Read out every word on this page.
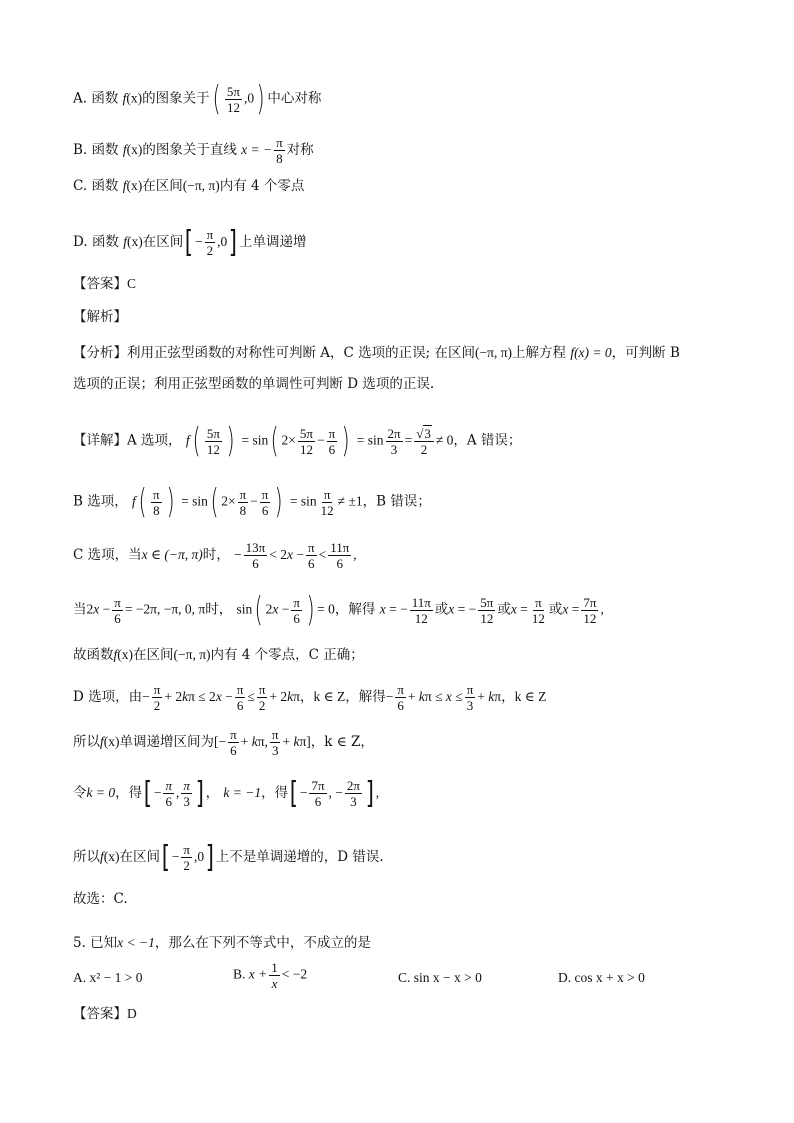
A. 函数 f(x)的图象关于( $\frac{5\pi}{12} ,0$) 中心对称
B. 函数 f(x)的图象关于直线 x = − $\frac{\pi}{8}$ 对称
C. 函数 f(x)在区间(−π, π)内有 4 个零点
D. 函数 f(x)在区间[ − $\frac{\pi}{2} ,0$] 上单调递增
【答案】C
【解析】
【分析】利用正弦型函数的对称性可判断 A，C 选项的正误; 在区间(−π, π)上解方程 f(x) = 0，可判断 B
选项的正误；利用正弦型函数的单调性可判断 D 选项的正误.
【详解】A 选项， $f( \frac{5\pi}{12}$ ) = sin( $2\times \frac{5\pi}{12} - \frac{\pi}{6}$ ) = $\sin \frac{2\pi}{3} = \frac{√3}{2} \ne 0$，A 错误；
B 选项， $f( \frac{\pi}{8}$ ) = sin( $2\times \frac{\pi}{8} - \frac{\pi}{6}$ ) = $\sin \frac{\pi}{12} \ne \pm 1$，B 错误；
C 选项，当x ∈ (−π, π)时， − $\frac{13\pi}{6} < 2x - \frac{\pi}{6} < \frac{11\pi}{6}$ ,
当$2x - \frac{\pi}{6} = -2\pi$, −π, 0, π时， sin( $2x - \frac{\pi}{6}$ ) = 0，解得 x = − $\frac{11\pi}{12}$ 或x = − $\frac{5\pi}{12}$ 或$x = \frac{\pi}{12}$ 或$x = \frac{7\pi}{12}$ ,
故函数f(x)在区间(−π, π)内有 4 个零点，C 正确；
D 选项，由− $\frac{\pi}{2} + 2k\pi \le 2x - \frac{\pi}{6} \le \frac{\pi}{2} + 2k\pi$，k ∈ Z，解得− $\frac{\pi}{6} + k\pi \le x \le \frac{\pi}{3} + k\pi$，k ∈ Z
所以f(x)单调递增区间为[− $\frac{\pi}{6} + k\pi$, $\frac{\pi}{3} + k\pi$]，k ∈ Z，
令k = 0，得[ − $\frac{\pi}{6}$ , $\frac{\pi}{3}$ ] ， k = −1，得[ − $\frac{7\pi}{6}$ , − $\frac{2\pi}{3}$ ] ,
所以f(x)在区间[ − $\frac{\pi}{2} ,0$] 上不是单调递增的，D 错误.
故选：C.
5. 已知x < −1，那么在下列不等式中，不成立的是
A. x² − 1 > 0	B. $x + \frac{1}{x} < -2$	C. sin x − x > 0	D. cos x + x > 0
【答案】D
